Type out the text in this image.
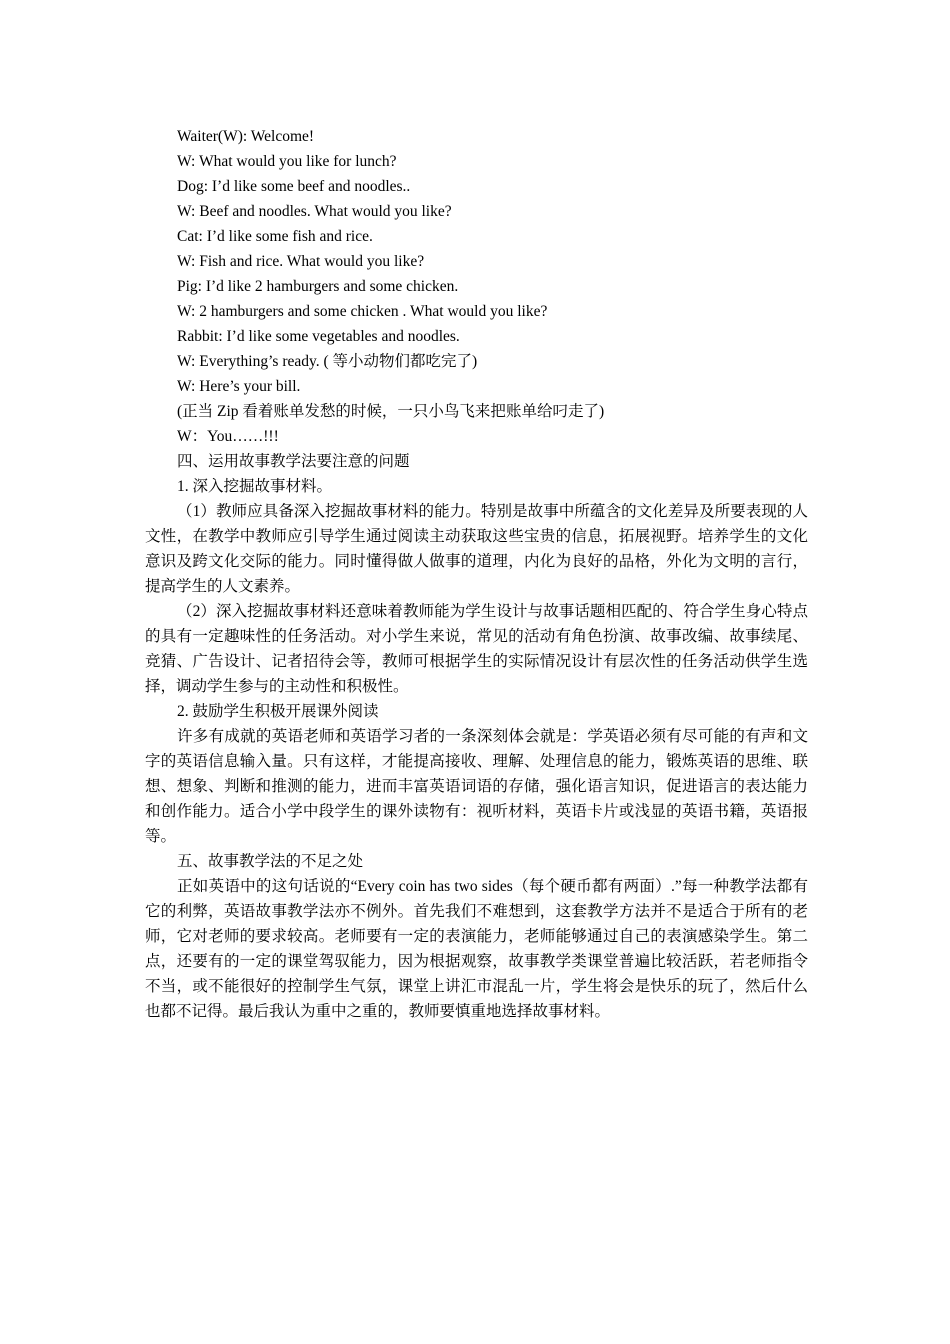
Waiter(W): Welcome!
W: What would you like for lunch?
Dog: I’d like some beef and noodles..
W: Beef and noodles. What would you like?
Cat: I’d like some fish and rice.
W: Fish and rice. What would you like?
Pig: I’d like 2 hamburgers and some chicken.
W: 2 hamburgers and some chicken . What would you like?
Rabbit: I’d like some vegetables and noodles.
W: Everything’s ready. ( 等小动物们都吃完了)
W: Here’s your bill.
(正当 Zip 看着账单发愁的时候，一只小鸟飞来把账单给叼走了)
W：You……!!!
四、运用故事教学法要注意的问题
1. 深入挖掘故事材料。
（1）教师应具备深入挖掘故事材料的能力。特别是故事中所蕴含的文化差异及所要表现的人文性，在教学中教师应引导学生通过阅读主动获取这些宝贵的信息，拓展视野。培养学生的文化意识及跨文化交际的能力。同时懂得做人做事的道理，内化为良好的品格，外化为文明的言行，提高学生的人文素养。
（2）深入挖掘故事材料还意味着教师能为学生设计与故事话题相匹配的、符合学生身心特点的具有一定趣味性的任务活动。对小学生来说，常见的活动有角色扮演、故事改编、故事续尾、竞猜、广告设计、记者招待会等，教师可根据学生的实际情况设计有层次性的任务活动供学生选择，调动学生参与的主动性和积极性。
2. 鼓励学生积极开展课外阅读
许多有成就的英语老师和英语学习者的一条深刻体会就是：学英语必须有尽可能的有声和文字的英语信息输入量。只有这样，才能提高接收、理解、处理信息的能力，锻炼英语的思维、联想、想象、判断和推测的能力，进而丰富英语词语的存储，强化语言知识，促进语言的表达能力和创作能力。适合小学中段学生的课外读物有：视听材料，英语卡片或浅显的英语书籍，英语报等。
五、故事教学法的不足之处
正如英语中的这句话说的“Every coin has two sides（每个硬币都有两面）.”每一种教学法都有它的利弊，英语故事教学法亦不例外。首先我们不难想到，这套教学方法并不是适合于所有的老师，它对老师的要求较高。老师要有一定的表演能力，老师能够通过自己的表演感染学生。第二点，还要有的一定的课堂驾驭能力，因为根据观察，故事教学类课堂普遍比较活跃，若老师指令不当，或不能很好的控制学生气氛，课堂上讲汇市混乱一片，学生将会是快乐的玩了，然后什么也都不记得。最后我认为重中之重的，教师要慎重地选择故事材料。
